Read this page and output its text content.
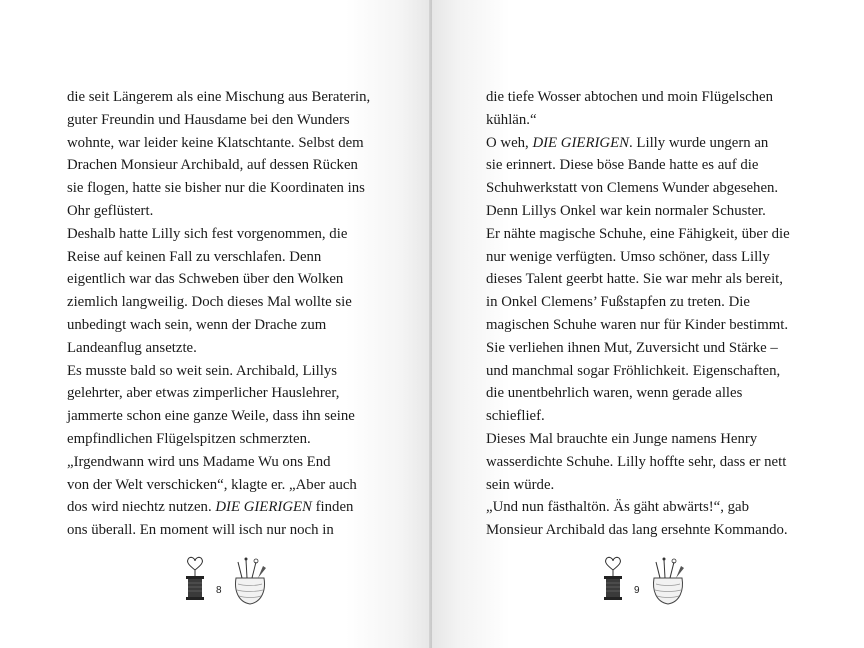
die seit Längerem als eine Mischung aus Beraterin,
guter Freundin und Hausdame bei den Wunders
wohnte, war leider keine Klatschtante. Selbst dem
Drachen Monsieur Archibald, auf dessen Rücken
sie flogen, hatte sie bisher nur die Koordinaten ins
Ohr geflüstert.
Deshalb hatte Lilly sich fest vorgenommen, die
Reise auf keinen Fall zu verschlafen. Denn
eigentlich war das Schweben über den Wolken
ziemlich langweilig. Doch dieses Mal wollte sie
unbedingt wach sein, wenn der Drache zum
Landeanflug ansetzte.
Es musste bald so weit sein. Archibald, Lillys
gelehrter, aber etwas zimperlicher Hauslehrer,
jammerte schon eine ganze Weile, dass ihn seine
empfindlichen Flügelspitzen schmerzten.
„Irgendwann wird uns Madame Wu ons End
von der Welt verschicken“, klagte er. „Aber auch
dos wird niechtz nutzen. DIE GIERIGEN finden
ons überall. En moment will isch nur noch in
8
die tiefe Wosser abtochen und moin Flügelschen
kühlän.“
O weh, DIE GIERIGEN. Lilly wurde ungern an
sie erinnert. Diese böse Bande hatte es auf die
Schuhwerkstatt von Clemens Wunder abgesehen.
Denn Lillys Onkel war kein normaler Schuster.
Er nähte magische Schuhe, eine Fähigkeit, über die
nur wenige verfügten. Umso schöner, dass Lilly
dieses Talent geerbt hatte. Sie war mehr als bereit,
in Onkel Clemens’ Fußstapfen zu treten. Die
magischen Schuhe waren nur für Kinder bestimmt.
Sie verliehen ihnen Mut, Zuversicht und Stärke –
und manchmal sogar Fröhlichkeit. Eigenschaften,
die unentbehrlich waren, wenn gerade alles
schieflief.
Dieses Mal brauchte ein Junge namens Henry
wasserdichte Schuhe. Lilly hoffte sehr, dass er nett
sein würde.
„Und nun fästhaltön. Äs gäht abwärts!“, gab
Monsieur Archibald das lang ersehnte Kommando.
9
